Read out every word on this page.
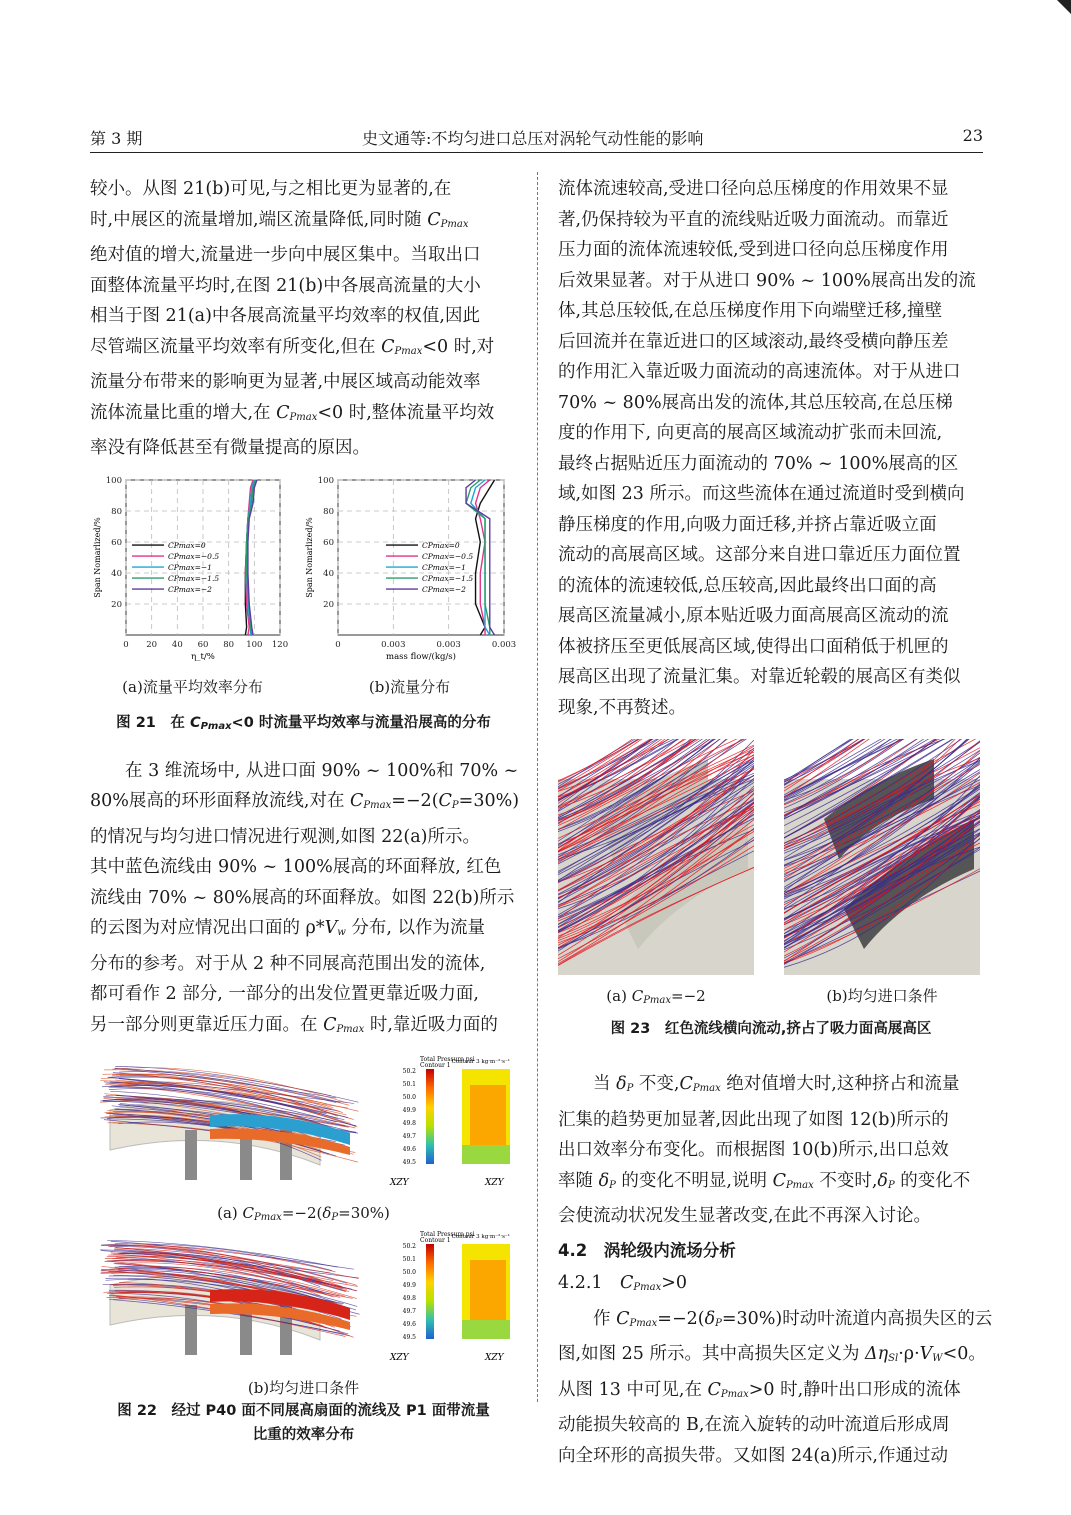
第 3 期	史文通等:不均匀进口总压对涡轮气动性能的影响	23
较小。从图 21(b)可见,与之相比更为显著的,在
时,中展区的流量增加,端区流量降低,同时随 $C_{Pmax}$
绝对值的增大,流量进一步向中展区集中。当取出口
面整体流量平均时,在图 21(b)中各展高流量的大小
相当于图 21(a)中各展高流量平均效率的权值,因此
尽管端区流量平均效率有所变化,但在 $C_{Pmax}<0$ 时,对
流量分布带来的影响更为显著,中展区域高动能效率
流体流量比重的增大,在 $C_{Pmax}<0$ 时,整体流量平均效
率没有降低甚至有微量提高的原因。
20
40
60
80
100
0 20 40 60 80 100 120
CPmax=0
CPmax=−0.5
CPmax=−1
CPmax=−1.5
CPmax=−2
Span Nomarlized/%
η_t/%
20
40
60
80
100
0	0.003	0.003	0.003
CPmax=0
CPmax=−0.5
CPmax=−1
CPmax=−1.5
CPmax=−2
Span Nomarlized/%
mass flow/(kg/s)
(a)流量平均效率分布	(b)流量分布
图 21　在 $C_{Pmax}<0$ 时流量平均效率与流量沿展高的分布
在 3 维流场中, 从进口面 90% ~ 100%和 70% ~
80%展高的环形面释放流线,对在 $C_{Pmax}=-2(C_P=30\%)$
的情况与均匀进口情况进行观测,如图 22(a)所示。
其中蓝色流线由 90% ~ 100%展高的环面释放, 红色
流线由 70% ~ 80%展高的环面释放。如图 22(b)所示
的云图为对应情况出口面的 $\rho*V_w$ 分布, 以作为流量
分布的参考。对于从 2 种不同展高范围出发的流体,
都可看作 2 部分, 一部分的出发位置更靠近吸力面,
另一部分则更靠近压力面。在 $C_{Pmax}$ 时,靠近吸力面的
Total Pressure psi
Contour 1
50.2
50.1
50.0
49.9
49.8
49.7
49.6
49.5
Contour 3 kg·m⁻²·s⁻¹
XZY	XZY
(a) $C_{Pmax}=-2(\delta_P=30\%)$
Total Pressure psi
Contour 1
50.2
50.1
50.0
49.9
49.8
49.7
49.6
49.5
Contour 3 kg·m⁻²·s⁻¹
XZY	XZY
(b)均匀进口条件
图 22　经过 P40 面不同展高扇面的流线及 P1 面带流量
比重的效率分布
流体流速较高,受进口径向总压梯度的作用效果不显
著,仍保持较为平直的流线贴近吸力面流动。而靠近
压力面的流体流速较低,受到进口径向总压梯度作用
后效果显著。对于从进口 90% ~ 100%展高出发的流
体,其总压较低,在总压梯度作用下向端壁迁移,撞壁
后回流并在靠近进口的区域滚动,最终受横向静压差
的作用汇入靠近吸力面流动的高速流体。对于从进口
70% ~ 80%展高出发的流体,其总压较高,在总压梯
度的作用下, 向更高的展高区域流动扩张而未回流,
最终占据贴近压力面流动的 70% ~ 100%展高的区
域,如图 23 所示。而这些流体在通过流道时受到横向
静压梯度的作用,向吸力面迁移,并挤占靠近吸立面
流动的高展高区域。这部分来自进口靠近压力面位置
的流体的流速较低,总压较高,因此最终出口面的高
展高区流量减小,原本贴近吸力面高展高区流动的流
体被挤压至更低展高区域,使得出口面稍低于机匣的
展高区出现了流量汇集。对靠近轮毂的展高区有类似
现象,不再赘述。
(a) $C_{Pmax}=-2$	(b)均匀进口条件
图 23　红色流线横向流动,挤占了吸力面高展高区
当 $\delta_P$ 不变$,C_{Pmax}$ 绝对值增大时,这种挤占和流量
汇集的趋势更加显著,因此出现了如图 12(b)所示的
出口效率分布变化。而根据图 10(b)所示,出口总效
率随 $\delta_P$ 的变化不明显,说明 $C_{Pmax}$ 不变时$,\delta_P$ 的变化不
会使流动状况发生显著改变,在此不再深入讨论。
4.2　涡轮级内流场分析
4.2.1　$C_{Pmax}>0$
作 $C_{Pmax}=-2(\delta_P=30\%)$时动叶流道内高损失区的云
图,如图 25 所示。其中高损失区定义为 $\Delta\eta_{Sl}\cdot\rho\cdot V_W<0$。
从图 13 中可见,在 $C_{Pmax}>0$ 时,静叶出口形成的流体
动能损失较高的 B,在流入旋转的动叶流道后形成周
向全环形的高损失带。又如图 24(a)所示,作通过动
